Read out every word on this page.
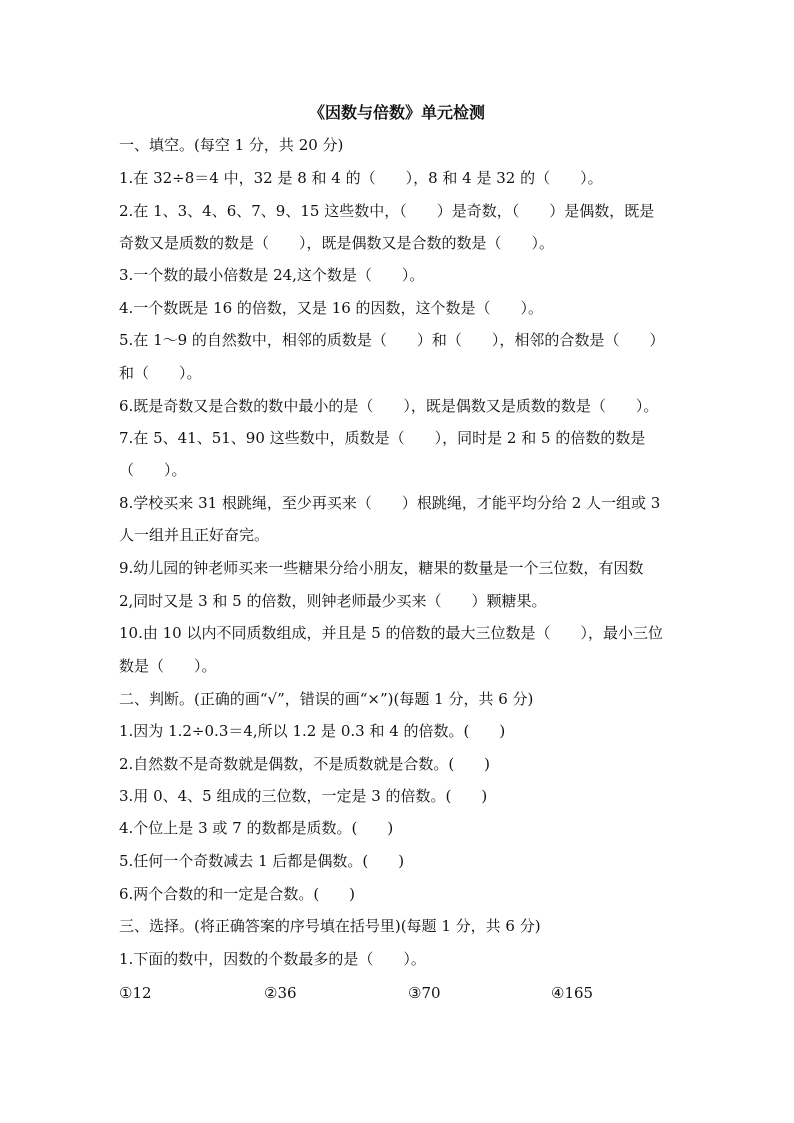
《因数与倍数》单元检测
一、填空。(每空 1 分，共 20 分)
1.在 32÷8＝4 中，32 是 8 和 4 的（　　），8 和 4 是 32 的（　　）。
2.在 1、3、4、6、7、9、15 这些数中，（　　）是奇数，（　　）是偶数，既是
奇数又是质数的数是（　　），既是偶数又是合数的数是（　　）。
3.一个数的最小倍数是 24,这个数是（　　）。
4.一个数既是 16 的倍数，又是 16 的因数，这个数是（　　）。
5.在 1～9 的自然数中，相邻的质数是（　　）和（　　），相邻的合数是（　　）
和（　　）。
6.既是奇数又是合数的数中最小的是（　　），既是偶数又是质数的数是（　　）。
7.在 5、41、51、90 这些数中，质数是（　　），同时是 2 和 5 的倍数的数是
（　　）。
8.学校买来 31 根跳绳，至少再买来（　　）根跳绳，才能平均分给 2 人一组或 3
人一组并且正好奋完。
9.幼儿园的钟老师买来一些糖果分给小朋友，糖果的数量是一个三位数，有因数
2,同时又是 3 和 5 的倍数，则钟老师最少买来（　　）颗糖果。
10.由 10 以内不同质数组成，并且是 5 的倍数的最大三位数是（　　），最小三位
数是（　　）。
二、判断。(正确的画“√”，错误的画“×”)(每题 1 分，共 6 分)
1.因为 1.2÷0.3＝4,所以 1.2 是 0.3 和 4 的倍数。(　　)
2.自然数不是奇数就是偶数，不是质数就是合数。(　　)
3.用 0、4、5 组成的三位数，一定是 3 的倍数。(　　)
4.个位上是 3 或 7 的数都是质数。(　　)
5.任何一个奇数减去 1 后都是偶数。(　　)
6.两个合数的和一定是合数。(　　)
三、选择。(将正确答案的序号填在括号里)(每题 1 分，共 6 分)
1.下面的数中，因数的个数最多的是（　　）。
①12	②36	③70	④165
